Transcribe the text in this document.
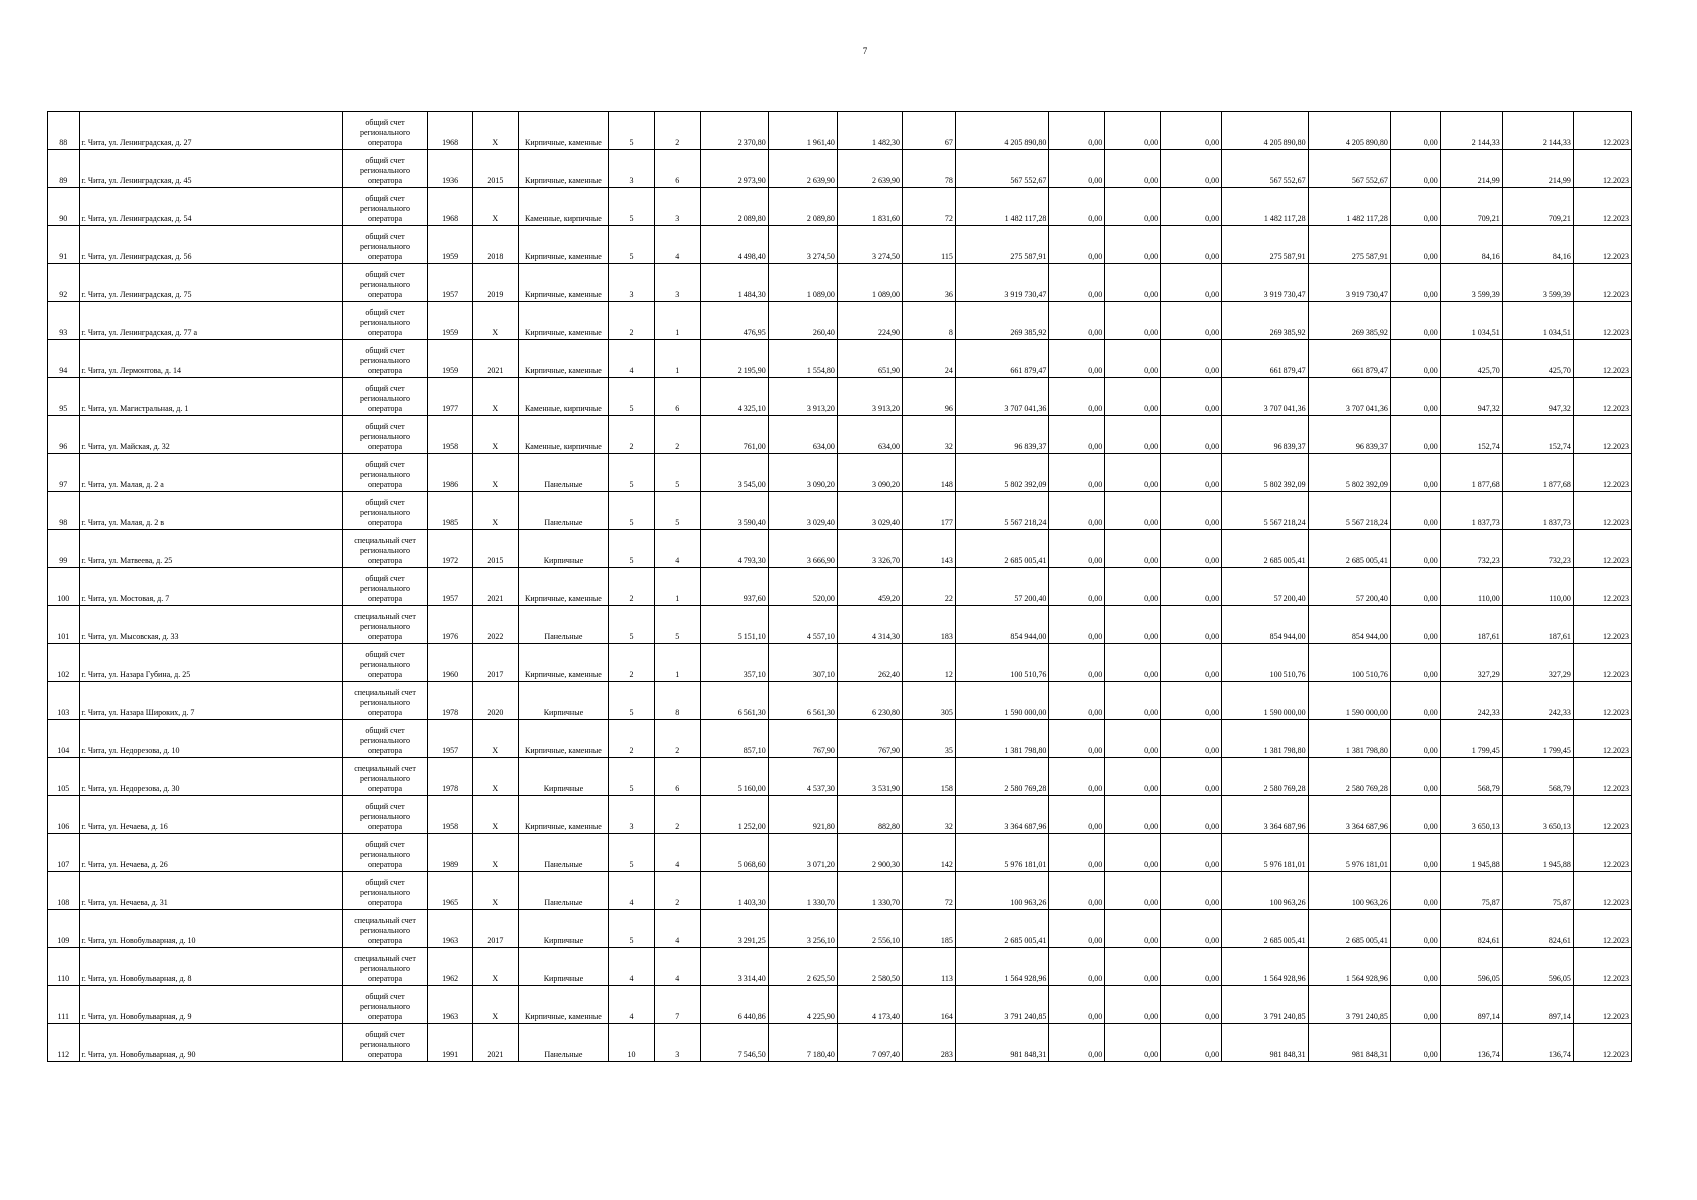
7
88	г. Чита, ул. Ленинградская, д. 27	общий счет регионального оператора	1968	X	Кирпичные, каменные	5	2	2 370,80	1 961,40	1 482,30	67	4 205 890,80	0,00	0,00	0,00	4 205 890,80	4 205 890,80	0,00	2 144,33	2 144,33	12.2023
89	г. Чита, ул. Ленинградская, д. 45	общий счет регионального оператора	1936	2015	Кирпичные, каменные	3	6	2 973,90	2 639,90	2 639,90	78	567 552,67	0,00	0,00	0,00	567 552,67	567 552,67	0,00	214,99	214,99	12.2023
90	г. Чита, ул. Ленинградская, д. 54	общий счет регионального оператора	1968	X	Каменные, кирпичные	5	3	2 089,80	2 089,80	1 831,60	72	1 482 117,28	0,00	0,00	0,00	1 482 117,28	1 482 117,28	0,00	709,21	709,21	12.2023
91	г. Чита, ул. Ленинградская, д. 56	общий счет регионального оператора	1959	2018	Кирпичные, каменные	5	4	4 498,40	3 274,50	3 274,50	115	275 587,91	0,00	0,00	0,00	275 587,91	275 587,91	0,00	84,16	84,16	12.2023
92	г. Чита, ул. Ленинградская, д. 75	общий счет регионального оператора	1957	2019	Кирпичные, каменные	3	3	1 484,30	1 089,00	1 089,00	36	3 919 730,47	0,00	0,00	0,00	3 919 730,47	3 919 730,47	0,00	3 599,39	3 599,39	12.2023
93	г. Чита, ул. Ленинградская, д. 77 а	общий счет регионального оператора	1959	X	Кирпичные, каменные	2	1	476,95	260,40	224,90	8	269 385,92	0,00	0,00	0,00	269 385,92	269 385,92	0,00	1 034,51	1 034,51	12.2023
94	г. Чита, ул. Лермонтова, д. 14	общий счет регионального оператора	1959	2021	Кирпичные, каменные	4	1	2 195,90	1 554,80	651,90	24	661 879,47	0,00	0,00	0,00	661 879,47	661 879,47	0,00	425,70	425,70	12.2023
95	г. Чита, ул. Магистральная, д. 1	общий счет регионального оператора	1977	X	Каменные, кирпичные	5	6	4 325,10	3 913,20	3 913,20	96	3 707 041,36	0,00	0,00	0,00	3 707 041,36	3 707 041,36	0,00	947,32	947,32	12.2023
96	г. Чита, ул. Майская, д. 32	общий счет регионального оператора	1958	X	Каменные, кирпичные	2	2	761,00	634,00	634,00	32	96 839,37	0,00	0,00	0,00	96 839,37	96 839,37	0,00	152,74	152,74	12.2023
97	г. Чита, ул. Малая, д. 2 а	общий счет регионального оператора	1986	X	Панельные	5	5	3 545,00	3 090,20	3 090,20	148	5 802 392,09	0,00	0,00	0,00	5 802 392,09	5 802 392,09	0,00	1 877,68	1 877,68	12.2023
98	г. Чита, ул. Малая, д. 2 в	общий счет регионального оператора	1985	X	Панельные	5	5	3 590,40	3 029,40	3 029,40	177	5 567 218,24	0,00	0,00	0,00	5 567 218,24	5 567 218,24	0,00	1 837,73	1 837,73	12.2023
99	г. Чита, ул. Матвеева, д. 25	специальный счет регионального оператора	1972	2015	Кирпичные	5	4	4 793,30	3 666,90	3 326,70	143	2 685 005,41	0,00	0,00	0,00	2 685 005,41	2 685 005,41	0,00	732,23	732,23	12.2023
100	г. Чита, ул. Мостовая, д. 7	общий счет регионального оператора	1957	2021	Кирпичные, каменные	2	1	937,60	520,00	459,20	22	57 200,40	0,00	0,00	0,00	57 200,40	57 200,40	0,00	110,00	110,00	12.2023
101	г. Чита, ул. Мысовская, д. 33	специальный счет регионального оператора	1976	2022	Панельные	5	5	5 151,10	4 557,10	4 314,30	183	854 944,00	0,00	0,00	0,00	854 944,00	854 944,00	0,00	187,61	187,61	12.2023
102	г. Чита, ул. Назара Губина, д. 25	общий счет регионального оператора	1960	2017	Кирпичные, каменные	2	1	357,10	307,10	262,40	12	100 510,76	0,00	0,00	0,00	100 510,76	100 510,76	0,00	327,29	327,29	12.2023
103	г. Чита, ул. Назара Широких, д. 7	специальный счет регионального оператора	1978	2020	Кирпичные	5	8	6 561,30	6 561,30	6 230,80	305	1 590 000,00	0,00	0,00	0,00	1 590 000,00	1 590 000,00	0,00	242,33	242,33	12.2023
104	г. Чита, ул. Недорезова, д. 10	общий счет регионального оператора	1957	X	Кирпичные, каменные	2	2	857,10	767,90	767,90	35	1 381 798,80	0,00	0,00	0,00	1 381 798,80	1 381 798,80	0,00	1 799,45	1 799,45	12.2023
105	г. Чита, ул. Недорезова, д. 30	специальный счет регионального оператора	1978	X	Кирпичные	5	6	5 160,00	4 537,30	3 531,90	158	2 580 769,28	0,00	0,00	0,00	2 580 769,28	2 580 769,28	0,00	568,79	568,79	12.2023
106	г. Чита, ул. Нечаева, д. 16	общий счет регионального оператора	1958	X	Кирпичные, каменные	3	2	1 252,00	921,80	882,80	32	3 364 687,96	0,00	0,00	0,00	3 364 687,96	3 364 687,96	0,00	3 650,13	3 650,13	12.2023
107	г. Чита, ул. Нечаева, д. 26	общий счет регионального оператора	1989	X	Панельные	5	4	5 068,60	3 071,20	2 900,30	142	5 976 181,01	0,00	0,00	0,00	5 976 181,01	5 976 181,01	0,00	1 945,88	1 945,88	12.2023
108	г. Чита, ул. Нечаева, д. 31	общий счет регионального оператора	1965	X	Панельные	4	2	1 403,30	1 330,70	1 330,70	72	100 963,26	0,00	0,00	0,00	100 963,26	100 963,26	0,00	75,87	75,87	12.2023
109	г. Чита, ул. Новобульварная, д. 10	специальный счет регионального оператора	1963	2017	Кирпичные	5	4	3 291,25	3 256,10	2 556,10	185	2 685 005,41	0,00	0,00	0,00	2 685 005,41	2 685 005,41	0,00	824,61	824,61	12.2023
110	г. Чита, ул. Новобульварная, д. 8	специальный счет регионального оператора	1962	X	Кирпичные	4	4	3 314,40	2 625,50	2 580,50	113	1 564 928,96	0,00	0,00	0,00	1 564 928,96	1 564 928,96	0,00	596,05	596,05	12.2023
111	г. Чита, ул. Новобульварная, д. 9	общий счет регионального оператора	1963	X	Кирпичные, каменные	4	7	6 440,86	4 225,90	4 173,40	164	3 791 240,85	0,00	0,00	0,00	3 791 240,85	3 791 240,85	0,00	897,14	897,14	12.2023
112	г. Чита, ул. Новобульварная, д. 90	общий счет регионального оператора	1991	2021	Панельные	10	3	7 546,50	7 180,40	7 097,40	283	981 848,31	0,00	0,00	0,00	981 848,31	981 848,31	0,00	136,74	136,74	12.2023
